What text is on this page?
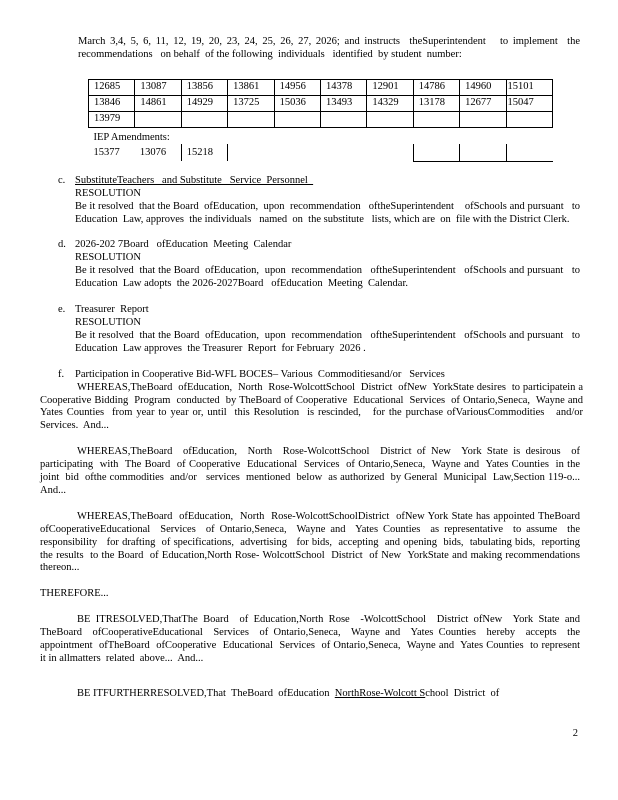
March 3,4, 5, 6, 11, 12, 19, 20, 23, 24, 25, 26, 27, 2026; and instructs  theSuperintendent   to implement  the recommendations   on behalf  of the following  individuals   identified  by student  number:

12685	13087	13856	13861	14956	14378	12901	14786	14960	15101
13846	14861	14929	13725	15036	13493	14329	13178	12677	15047
13979									
IEP Amendments:									
15377	13076	15218							
c. SubstituteTeachers   and Substitute   Service  Personnel

RESOLUTION

Be it resolved  that the Board  ofEducation,  upon  recommendation   oftheSuperintendent    ofSchools and pursuant   to Education  Law, approves  the individuals   named  on  the substitute   lists, which are  on  file with the District Clerk.

d. 2026-202 7Board   ofEducation  Meeting  Calendar

RESOLUTION

Be it resolved  that the Board  ofEducation,  upon  recommendation   oftheSuperintendent   ofSchools and pursuant   to Education  Law adopts  the 2026-2027Board   ofEducation  Meeting  Calendar.

e. Treasurer  Report

RESOLUTION

Be it resolved  that the Board  ofEducation,  upon  recommendation   oftheSuperintendent   ofSchools and pursuant   to Education  Law approves  the Treasurer  Report  for February  2026 .

f.	Participation in Cooperative Bid-WFL BOCES– Various  Commoditiesand/or   Services

WHEREAS,TheBoard  ofEducation,  North  Rose-WolcottSchool  District  ofNew  YorkState desires  to participatein a Cooperative Bidding  Program  conducted  by TheBoard of Cooperative  Educational  Services  of Ontario,Seneca,  Wayne and  Yates Counties  from year to year or, until  this Resolution  is rescinded,   for the purchase ofVariousCommodities   and/or  Services.  And...

WHEREAS,TheBoard  ofEducation,  North  Rose-WolcottSchool  District of New  York State is desirous  of participating  with  The Board  of Cooperative  Educational  Services  of Ontario,Seneca,  Wayne and  Yates Counties  in the joint  bid  ofthe commodities  and/or   services  mentioned  below  as authorized  by General  Municipal  Law,Section 119-o... And...

WHEREAS,TheBoard  ofEducation,  North  Rose-WolcottSchoolDistrict  ofNew York State has appointed TheBoard  ofCooperativeEducational  Services  of Ontario,Seneca,  Wayne and  Yates Counties  as representative  to assume  the responsibility   for drafting  of specifications,  advertising   for bids,  accepting  and opening  bids,  tabulating bids,  reporting  the results  to the Board  of Education,North Rose- WolcottSchool  District  of New  YorkState and making recommendations   thereon...

THEREFORE...

BE ITRESOLVED,ThatThe Board  of Education,North Rose  -WolcottSchool  District ofNew  York State and TheBoard  ofCooperativeEducational  Services  of Ontario,Seneca,  Wayne and  Yates Counties  hereby  accepts  the appointment  ofTheBoard  ofCooperative  Educational  Services  of Ontario,Seneca,  Wayne and  Yates Counties  to represent   it in allmatters  related  above...  And...

BE ITFURTHERRESOLVED,That  TheBoard  ofEducation  NorthRose-Wolcott School  District  of

2
